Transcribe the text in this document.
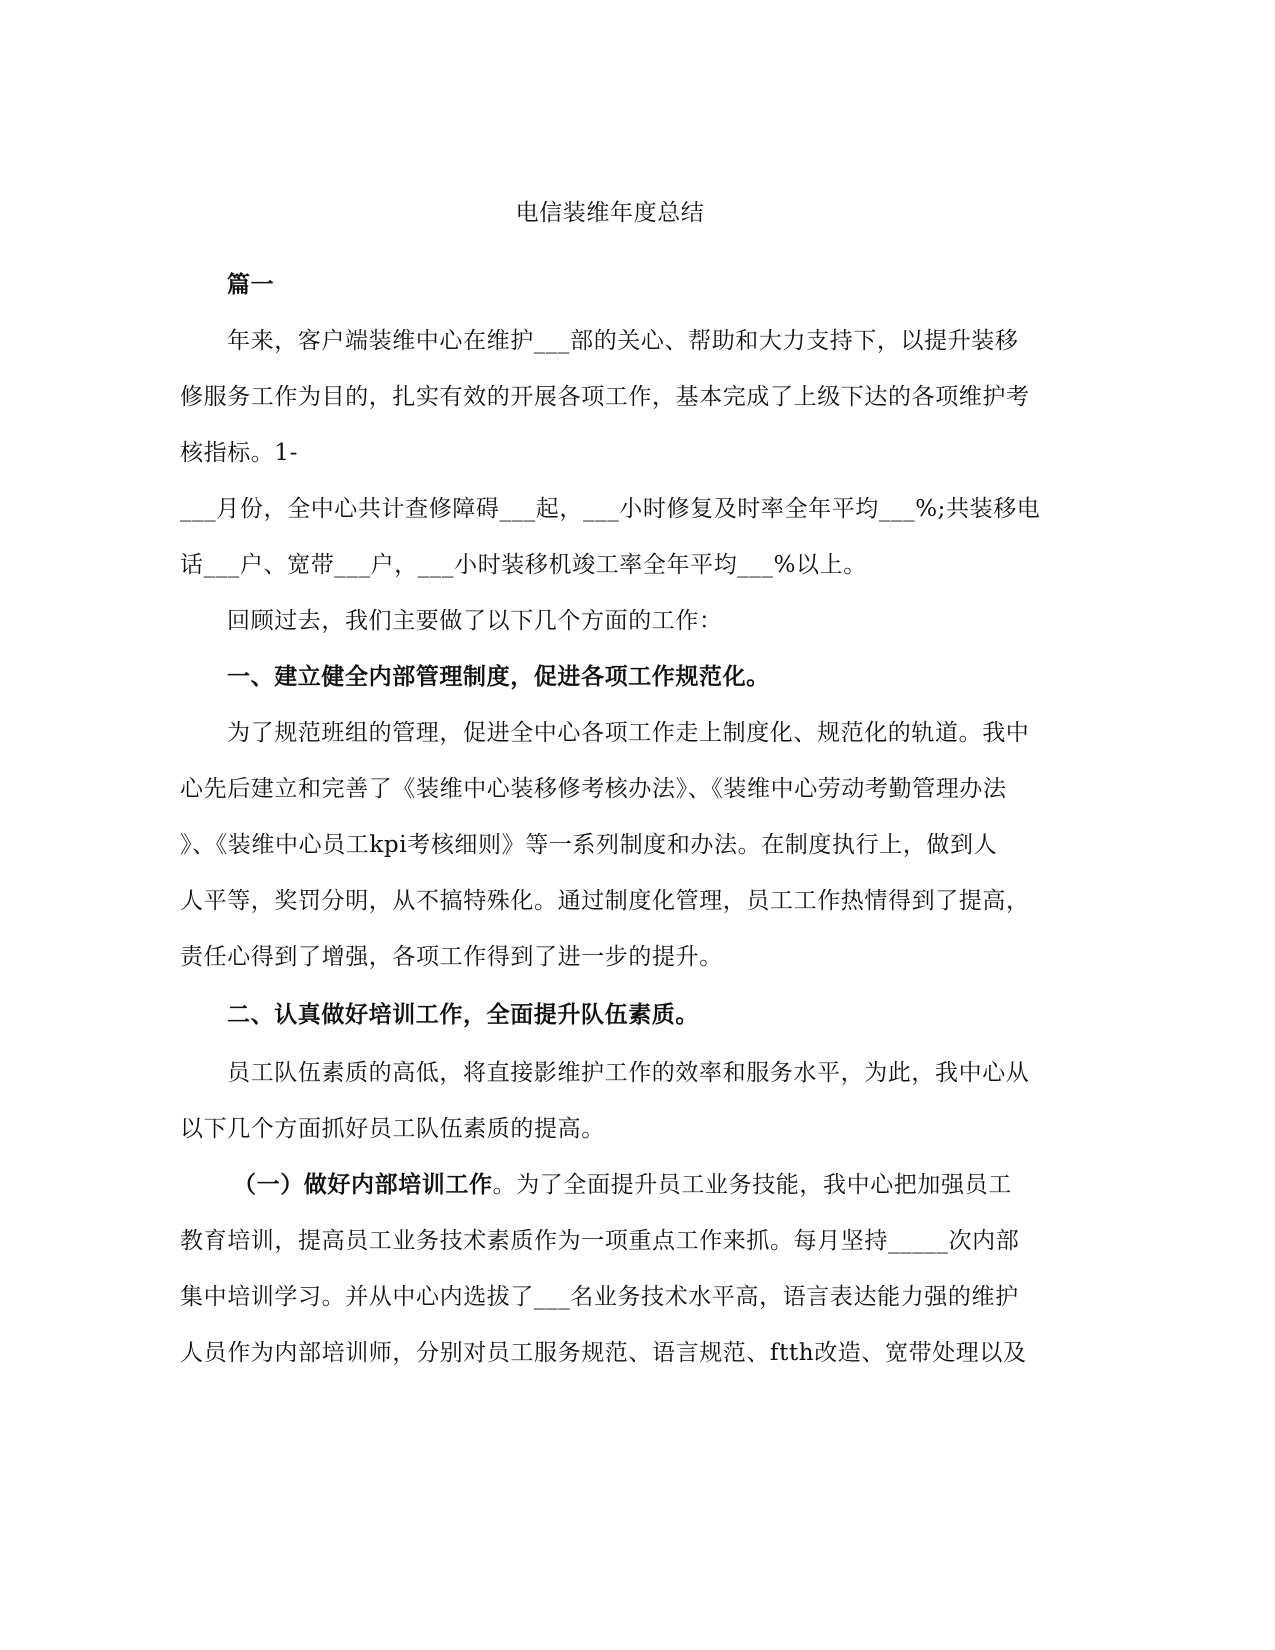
电信装维年度总结
篇一
年来，客户端装维中心在维护___部的关心、帮助和大力支持下，以提升装移
修服务工作为目的，扎实有效的开展各项工作，基本完成了上级下达的各项维护考
核指标。1-
___月份，全中心共计查修障碍___起，___小时修复及时率全年平均___%;共装移电
话___户、宽带___户，___小时装移机竣工率全年平均___%以上。
回顾过去，我们主要做了以下几个方面的工作：
一、建立健全内部管理制度，促进各项工作规范化。
为了规范班组的管理，促进全中心各项工作走上制度化、规范化的轨道。我中
心先后建立和完善了《装维中心装移修考核办法》、《装维中心劳动考勤管理办法
》、《装维中心员工kpi考核细则》等一系列制度和办法。在制度执行上，做到人
人平等，奖罚分明，从不搞特殊化。通过制度化管理，员工工作热情得到了提高，
责任心得到了增强，各项工作得到了进一步的提升。
二、认真做好培训工作，全面提升队伍素质。
员工队伍素质的高低，将直接影维护工作的效率和服务水平，为此，我中心从
以下几个方面抓好员工队伍素质的提高。
（一）做好内部培训工作。为了全面提升员工业务技能，我中心把加强员工
教育培训，提高员工业务技术素质作为一项重点工作来抓。每月坚持_____次内部
集中培训学习。并从中心内选拔了___名业务技术水平高，语言表达能力强的维护
人员作为内部培训师，分别对员工服务规范、语言规范、ftth改造、宽带处理以及
